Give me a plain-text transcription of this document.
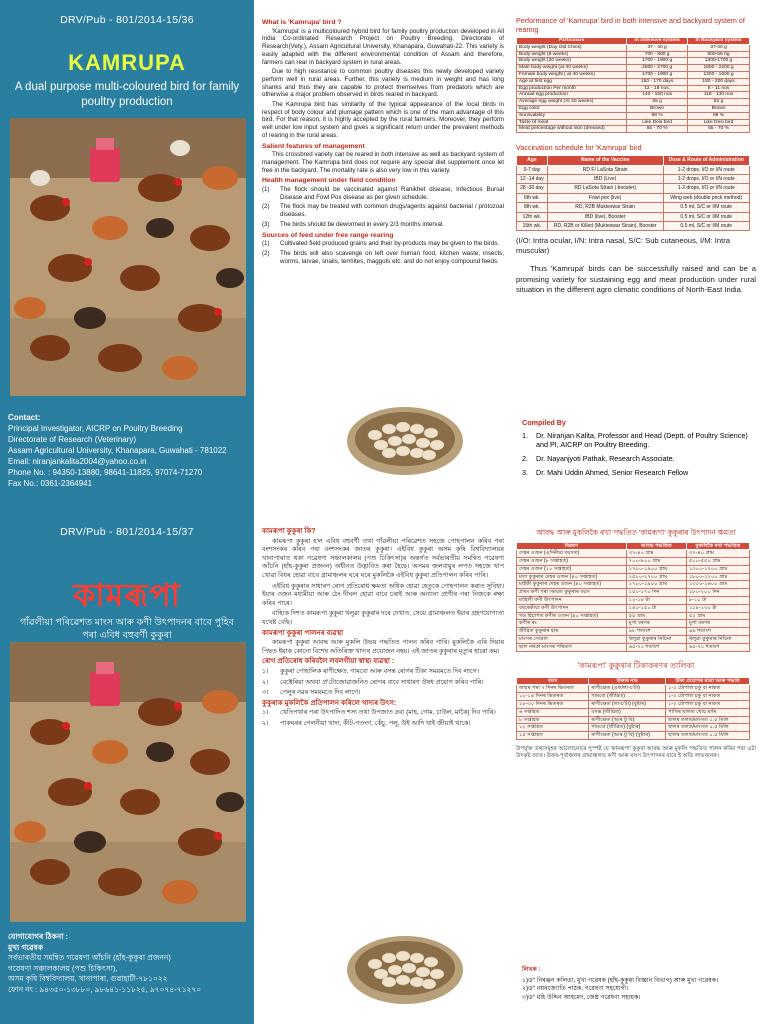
DRV/Pub - 801/2014-15/36
KAMRUPA
A dual purpose multi-coloured bird for family poultry production
Contact:
Principal Investigator, AICRP on Poultry Breeding
Directorate of Research (Veterinary)
Assam Agricultural University, Khanapara, Guwahati - 781022
Email: niranjankalita2004@yahoo.co.in
Phone No. : 94350-13880, 98641-11825, 97074-71270
Fax No.: 0361-2364941
What is 'Kamrupa' bird ?

'Kamrupa' is a multicoloured hybrid bird for family poultry production developed in All India Co-ordinated Research Project on Poultry Breeding, Directorate of Research(Vety.), Assam Agricultural University, Khanapara, Guwahati-22. This variety is easily adapted with the different environmental condition of Assam and therefore, farmers can rear in backyard system in rural areas.

Due to high resistance to common poultry diseases this newly developed variety perform well in rural areas. Further, this variety is medium in weight and has long shanks and thus they are capable to protect themselves from predators which are otherwise a major problem observed in birds reared in backyard.

The Kamrupa bird has similarity of the typical appearance of the local birds in respect of body colour and plumage pattern which is one of the main advantage of this bird. For that reason, it is highly accepted by the rural farmers. Moreover, they perform well under low input system and gives a significant return under the prevalent methods of rearing in the rural areas.

Salient features of management

This crossbred variety can be reared in both intensive as well as backyard system of management. The Kamrupa bird does not require any special diet supplement once let free in the backyard. The mortality rate is also very low in this variety.

Health management under field condition
(1)	The flock should be vaccinated against Ranikhet disease, Infectious Bursal Disease and Fowl Pox disease as per given schedule.
(2)	The flock may be treated with common drugs/agents against bacterial / protozoal diseases.
(3)	The birds should be dewormed in every 2/3 months interval.
Sources of feed under free range rearing
(1)	Cultivated field produced grains and their by-products may be given to the birds.
(2)	The birds will also scavenge on left over human food, kitchen waste, insects, worms, larvae, snails, termites, maggots etc. and do not enjoy compound feeds.
Performance of 'Kamrupa' bird in both intensive and backyard system of rearing
Particulars	In intensive system	In Backyard system
Body weight (Day Old Chick)	37 - 40 g	37-40 g
Body weight (8 weeks)	700 - 800 g	500-55 0g
Body weight (20 weeks)	1700 - 1900 g	1300-1700 g
Male body weight (at 40 weeks)	2500 - 2700 g	1800 - 2200 g
Female body weight ( at 40 weeks)	1700 - 1900 g	1300 - 1600 g
Age at first egg	150 - 170 days	180 - 200 days
Egg production Per month	12 - 18 nos.	8 - 11 nos
Annual egg production	140 - 150 nos	118 - 130 nos
Average egg weight (At 40 weeks)	55 g	52 g
Egg color	Brown	Brown
Survivability	98 %	96 %
Taste of meat	Like Desi bird	Like Desi bird
Meat percentage without skin (dressed)	65 - 70 %	65 - 70 %
Vaccination schedule for 'Kamrupa' bird
Age	Name of the Vaccine	Dose & Route of Administration
0-7 day	RD F/ LaSota Strain	1-2 drops, I/O or I/N route
12 -14 day	IBD (Live)	1-2 drops, I/O or I/N route
28 -30 day	RD LaSota Strain ( booster)	1-2 drops, I/O or I/N route
6th wk.	Fowl pox (live)	Wing web (double prick method)
8th wk.	RD, R2B Mukteswar Strain	0.5 ml, S/C or I/M route
12th wk.	IBD (live), Booster	0.5 ml, S/C or I/M route
15th wk.	RD, R2B or Killed (Mukteswar Strain), Booster	0.5 ml, S/C or I/M route
(I/O: Intra ocular, I/N: Intra nasal, S/C: Sub cutaneous, I/M: Intra muscular)
Thus 'Kamrupa' birds can be successfully raised and can be a promising variety for sustaining egg and meat production under rural situation in the different agro climatic conditions of North-East India.
Compiled By
1.	Dr. Niranjan Kalita, Professor and Head (Deptt. of Poultry Science) and PI, AICRP on Poultry Breeding.
2.	Dr. Nayanjyoti Pathak, Research Associate.
3.	Dr. Mahi Uddin Ahmed, Senior Research Fellow
DRV/Pub - 801/2014-15/37
কামৰূপা
গাঁৱলীয়া পৰিৱেশত মাংস আৰু কণী উৎপাদনৰ বাবে পুহিব পৰা এবিধ বহুবৰ্ণী কুকুৰা
যোগাযোগৰ ঠিকনা :
মুখ্য গৱেষক
সৰ্বভাৰতীয় সমন্বিত গৱেষণা আঁচনি (হাঁহ-কুকুৰা প্ৰজনন)
গৱেষণা সঞ্চালকালয় (পশু চিকিৎসা),
অসম কৃষি বিশ্ববিদ্যালয়, খানাপাৰা, গুৱাহাটী-৭৮১০২২
ফোন নং : ৯৪৩৫০-১৩৮৮০, ৯৮৬৪১-১১৮২৫, ৯৭০৭৪-৭১২৭০
কামৰূপা কুকুৰা কি?

কামৰূপা কুকুৰা হ'ল এবিধ বহুবৰ্ণী তথা গাঁৱলীয়া পৰিৱেশত সহজে পোহপালন কৰিব পৰা বংশসংকৰ কৰিব পৰা বংশসংকৰ জাতৰ কুকুৰা। এইবিধ কুকুৰা অসম কৃষি বিশ্ববিদ্যালয়ৰ খানাপাৰাত থকা গৱেষণা সঞ্চালকালয় (পশু চিকিৎসা)ৰ অন্তৰ্গত সৰ্বভাৰতীয় সমন্বিত গৱেষণা আঁচনি (হাঁহ-কুকুৰা প্ৰজনন) অধীনত উদ্ভাবিত কৰা হৈছে। অসমৰ জলবায়ুৰ লগত সহজে খাপ খোৱা বিধৰ হোৱা বাবে গ্ৰামাঞ্চলৰ ঘৰে ঘৰে মুকলিকৈ এইবিধ কুকুৰা প্ৰতিপালন কৰিব পাৰি।

এইবিধ কুকুৰাৰ সাধাৰণ ৰোগ প্ৰতিৰোধ ক্ষমতা অধিক হোৱা হেতুকে পোহপালন কৰাত সুবিধা। ইয়াৰ ওজন মধ্যমীয়া আৰু ঠেং দীঘল হোৱা বাবে চৰাই আৰু অন্যান্য প্ৰাণীৰ পৰা নিজকে ৰক্ষা কৰিব পাৰে।

বাহ্যিক দিশত কামৰূপা কুকুৰা থলুৱা কুকুৰাৰ দৰে দেখাত, সেয়ে গ্ৰামাঞ্চলত ইয়াৰ গ্ৰহণযোগ্যতা যথেষ্ট বেছি।

কামৰূপা কুকুৰা পালনৰ ব্যৱস্থা

কামৰূপা কুকুৰা আবদ্ধ আৰু মুকলি উভয় পদ্ধতিত পালন কৰিব পাৰি। মুকলিকৈ এৰি দিয়াৰ পিছত ইয়াক কোনো বিশেষ অতিৰিক্ত খাদ্যৰ প্ৰয়োজন নহয়। এই জাতৰ কুকুৰাৰ মৃত্যুৰ হাৰো কম।

ৰোগ প্ৰতিৰোধ কৰিবলৈ লবলগীয়া স্বাস্থ্য ব্যৱস্থা :
১।	কুকুৰা পোহালিক ৰাণীক্ষেত, গামবো আৰু বসন্ত ৰোগৰ টিকা সময়মতে দিব লাগে।
২।	বেক্টেৰিয়া অথবা প্ৰ'টোজোৱাজনিত ৰোগৰ বাবে সাধাৰণ ঔষধ প্ৰয়োগ কৰিব পাৰি।
৩।	পেলুৰ নৱৰ সময়মতে দিব লাগে।
কুকুৰাক মুকলিকৈ প্ৰতিপালন কৰিলে খাদ্যৰ উৎস:
১।	খেতিপথাৰ পৰা উৎপাদিত শস্য তথা উপজাত দ্ৰব্য (মাহ, গোম, চাউল, মাকৈ) দিব পাৰি।
২।	পাকঘৰৰ পেলনীয়া খাদ্য, কীট-পতংগ, কেঁচু, পলু, উই আদি খাই জীয়াই থাকে।
আবদ্ধ আৰু মুকলিকৈ ৰখা পদ্ধতিত 'কামৰূপা' কুকুৰাৰ উৎপাদন ক্ষমতা
বিৱৰণ	আবদ্ধ পদ্ধতিত	মুকলিকৈ ৰখা পদ্ধতিত
দেহৰ ওজন (এদিনীয়া বয়সত)	৩৭-৪০ গ্ৰাম	৩৭-৪০ গ্ৰাম
দেহৰ ওজন (৮ সপ্তাহত)	৭০০-৮০০ গ্ৰাম	৫০০-৫৫০ গ্ৰাম
দেহৰ ওজন (২০ সপ্তাহত)	১৭০০-১৯০০ গ্ৰাম	১৩০০-১৭০০ গ্ৰাম
মতা কুকুৰাৰ দেহৰ ওজন (৪০ সপ্তাহত)	২৫০০-২৭০০ গ্ৰাম	১৮০০-২২০০ গ্ৰাম
মাইকী কুকুৰাৰ দেহৰ ওজন (৪০ সপ্তাহত)	১৭০০-১৯০০ গ্ৰাম	১৩০০-১৬০০ গ্ৰাম
প্ৰথম কণী পৰা সময়ত কুকুৰাৰ বয়স	১৫০-১৭০ দিন	১৮০-২০০ দিন
মাহিলী কণী উৎপাদন	১২-১৮ টা	৮-১১ টা
বছৰেকীয়া কণী উৎপাদন	১৪০-১৫০ টা	১১৮-১৩০ টা
গড় হিচাপত কণীৰ ওজন (৪০ সপ্তাহত)	৫৫ গ্ৰাম	৫২ গ্ৰাম
কণীৰ ৰং	মুগা বৰণৰ	মুগা বৰণৰ
জীৱিত কুকুৰাৰ হাৰ	৯৮ শতাংশ	৯৬ শতাংশ
মাংসৰ সোৱাদ	থলুৱা কুকুৰাৰ নিচিনা	থলুৱা কুকুৰাৰ নিচিনা
ছাল নথকা মাংসৰ পৰিমাণ	৬৫-৭০ শতাংশ	৬৫-৭০ শতাংশ
'কামৰূপা' কুকুৰাৰ টিকাকৰণৰ তালিকা
বয়স	টিকাৰ নাম	টিকা প্ৰয়োগৰ মাত্ৰা আৰু পদ্ধতি
জন্মৰ পৰা ৭ দিনৰ ভিতৰত	ৰাণীক্ষেত (এফ/লা-চ'টা)	১-২ টোপাল চকু বা নাকত
১২-১৪ দিনৰ ভিতৰত	গামবো (জীৱিত)	১-২ টোপাল চকু বা নাকত
২৮-৩০ দিনৰ ভিতৰত	ৰাণীক্ষেত (লা-চ'টা) (বুষ্টাৰ)	১-২ টোপাল চকু বা নাকত
৬ সপ্তাহত	বসন্ত (জীৱিত)	পাখিৰ ছালত খোচ মাৰি
৮ সপ্তাহত	ৰাণীক্ষেত (আৰ টু বি)	ছালৰ তলত/মাংসত ০.৫ মিলি
১২ সপ্তাহত	গামবো (জীৱিত) (বুষ্টাৰ)	ছালৰ তলত/মাংসত ০.৫ মিলি
১৫ সপ্তাহত	ৰাণীক্ষেত (আৰ টু বি) (বুষ্টাৰ)	ছালৰ তলত/মাংসত ০.৫ মিলি
উপৰ্যুক্ত তথ্যসমূহৰ আলোচনাৰে সুস্পষ্ট যে 'কামৰূপা' কুকুৰা আবদ্ধ আৰু মুকলি পদ্ধতিত পালন কৰিব পৰা এটা উৎকৃষ্ট জাত। উত্তৰ-পূৰ্বাঞ্চলৰ গ্ৰামাঞ্চলত কণী আৰু মাংস উৎপাদনৰ বাবে ই অতি লাভজনক।
লিখক :
১)ড° নিৰঞ্জন কলিতা, মুখ্য গৱেষক (হাঁহ-কুকুৰা বিজ্ঞান বিভাগ) আৰু মুখ্য গৱেষক।
২)ড° নয়নজ্যোতি পাঠক, গৱেষণা সহযোগী।
৩)ড° মহি উদ্দিন আহমেদ, জেষ্ঠ গৱেষণা সহায়ক।
